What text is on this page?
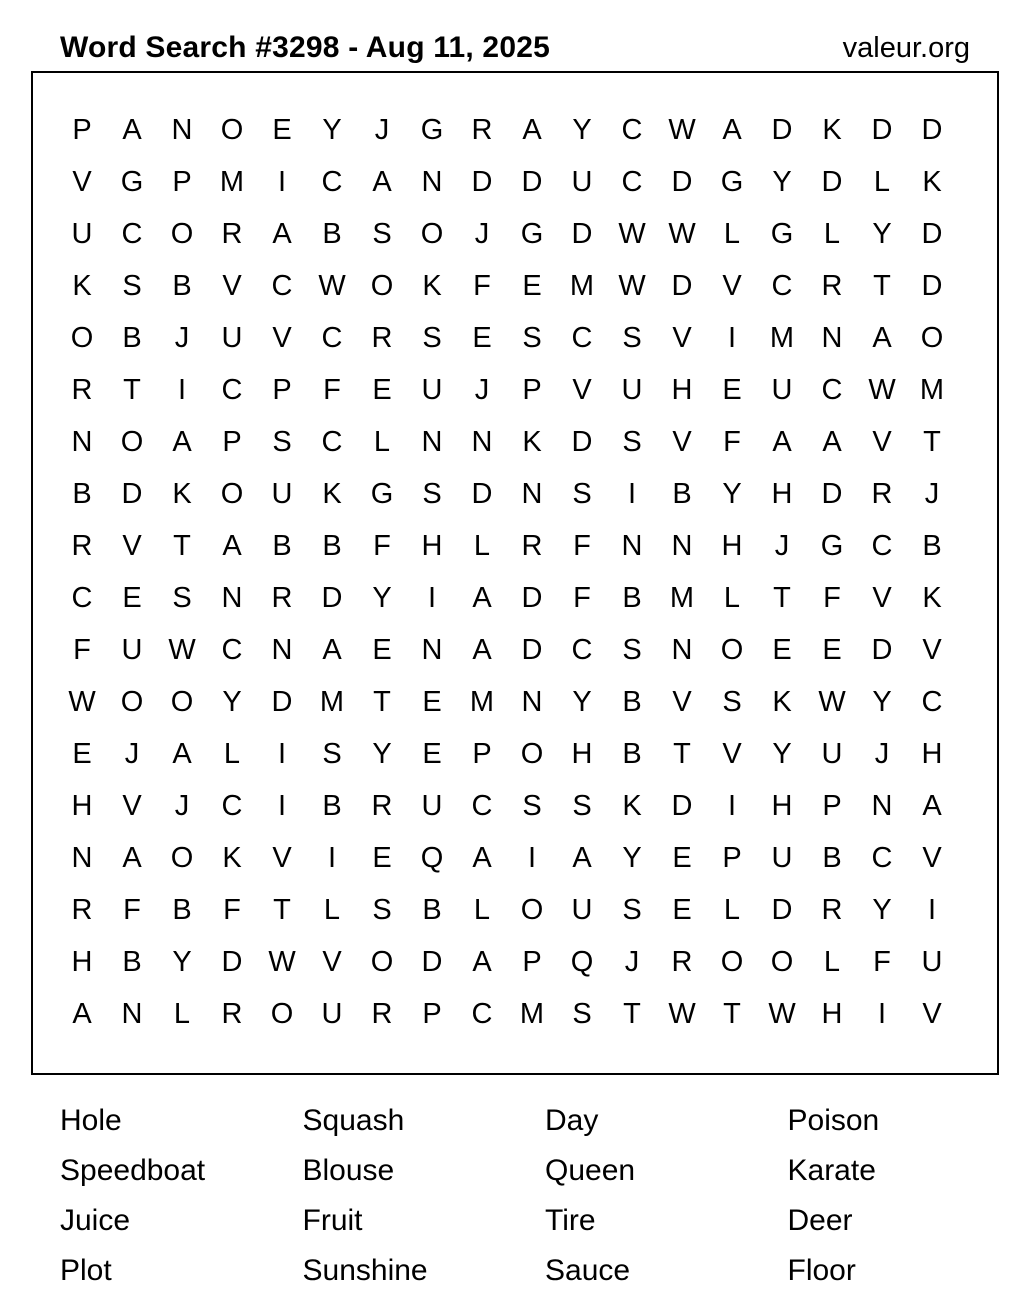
Word Search #3298 - Aug 11, 2025	valeur.org
P	A	N O	E	Y	J	G R	A	Y	C W A	D	K	D	D
V	G	P M	I	C	A	N	D	D	U	C	D G	Y	D	L	K
U	C O R	A	B	S	O	J	G D W W L	G	L	Y	D
K	S	B	V	C W O	K	F	E M W D	V	C	R	T	D
O	B	J	U	V	C	R	S	E	S	C	S	V	I	M N	A	O
R	T	I	C	P	F	E	U	J	P	V	U	H	E	U	C W M
N O	A	P	S	C	L	N	N	K	D	S	V	F	A	A	V	T
B	D	K	O U	K	G	S	D	N	S	I	B	Y	H	D	R	J
R	V	T	A	B	B	F	H	L	R	F	N	N	H	J	G C	B
C	E	S	N	R	D	Y	I	A	D	F	B M	L	T	F	V	K
F	U W C	N	A	E	N	A	D	C	S	N O	E	E	D	V
W O O	Y	D M	T	E M N	Y	B	V	S	K W Y	C
E	J	A	L	I	S	Y	E	P	O H	B	T	V	Y	U	J	H
H	V	J	C	I	B	R	U	C	S	S	K	D	I	H	P	N	A
N	A	O	K	V	I	E	Q	A	I	A	Y	E	P	U	B	C	V
R	F	B	F	T	L	S	B	L	O U	S	E	L	D	R	Y	I
H	B	Y	D W V	O D	A	P	Q	J	R O O	L	F	U
A	N	L	R O U	R	P	C M S	T W T W H	I	V
Hole	Squash	Day	Poison
Speedboat	Blouse	Queen	Karate
Juice	Fruit	Tire	Deer
Plot	Sunshine	Sauce	Floor
